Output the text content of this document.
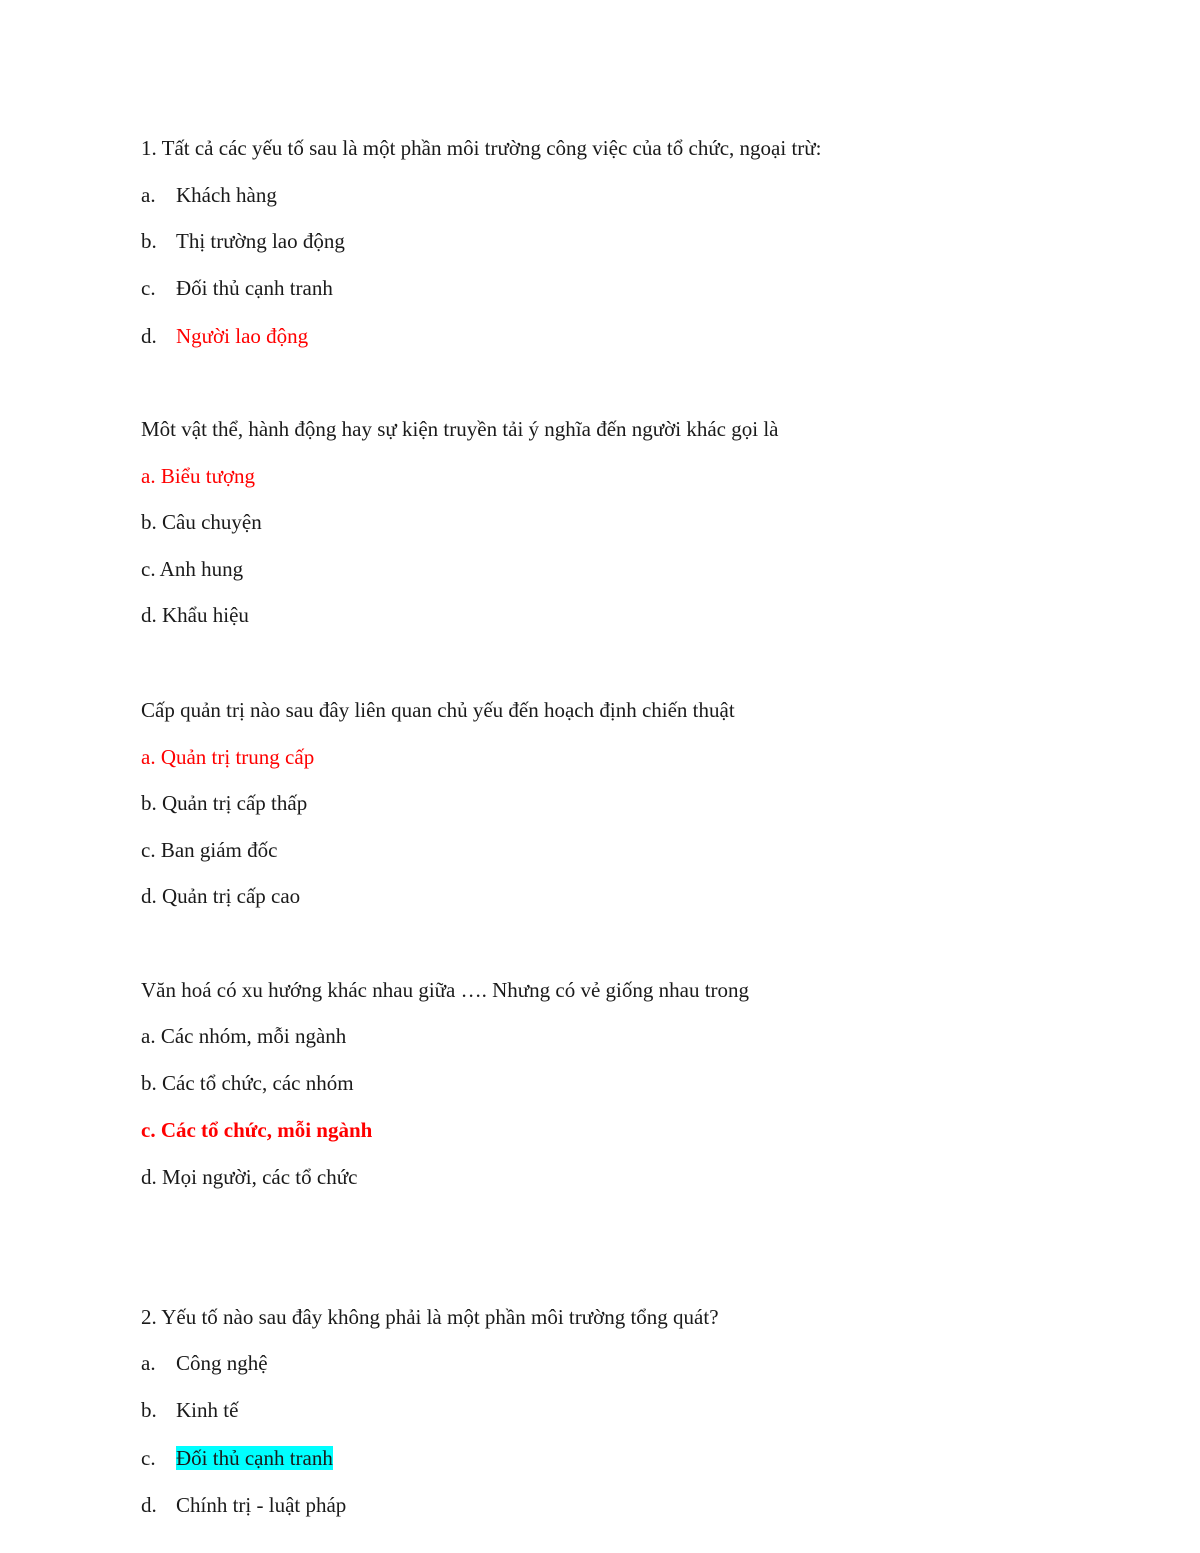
1. Tất cả các yếu tố sau là một phần môi trường công việc của tổ chức, ngoại trừ:
a. Khách hàng
b. Thị trường lao động
c. Đối thủ cạnh tranh
d. Người lao động
Môt vật thể, hành động hay sự kiện truyền tải ý nghĩa đến người khác gọi là
a. Biểu tượng
b. Câu chuyện
c. Anh hung
d. Khẩu hiệu
Cấp quản trị nào sau đây liên quan chủ yếu đến hoạch định chiến thuật
a. Quản trị trung cấp
b. Quản trị cấp thấp
c. Ban giám đốc
d. Quản trị cấp cao
Văn hoá có xu hướng khác nhau giữa …. Nhưng có vẻ giống nhau trong
a. Các nhóm, mỗi ngành
b. Các tổ chức, các nhóm
c. Các tổ chức, mỗi ngành
d. Mọi người, các tổ chức
2. Yếu tố nào sau đây không phải là một phần môi trường tổng quát?
a. Công nghệ
b. Kinh tế
c. Đối thủ cạnh tranh
d. Chính trị - luật pháp
